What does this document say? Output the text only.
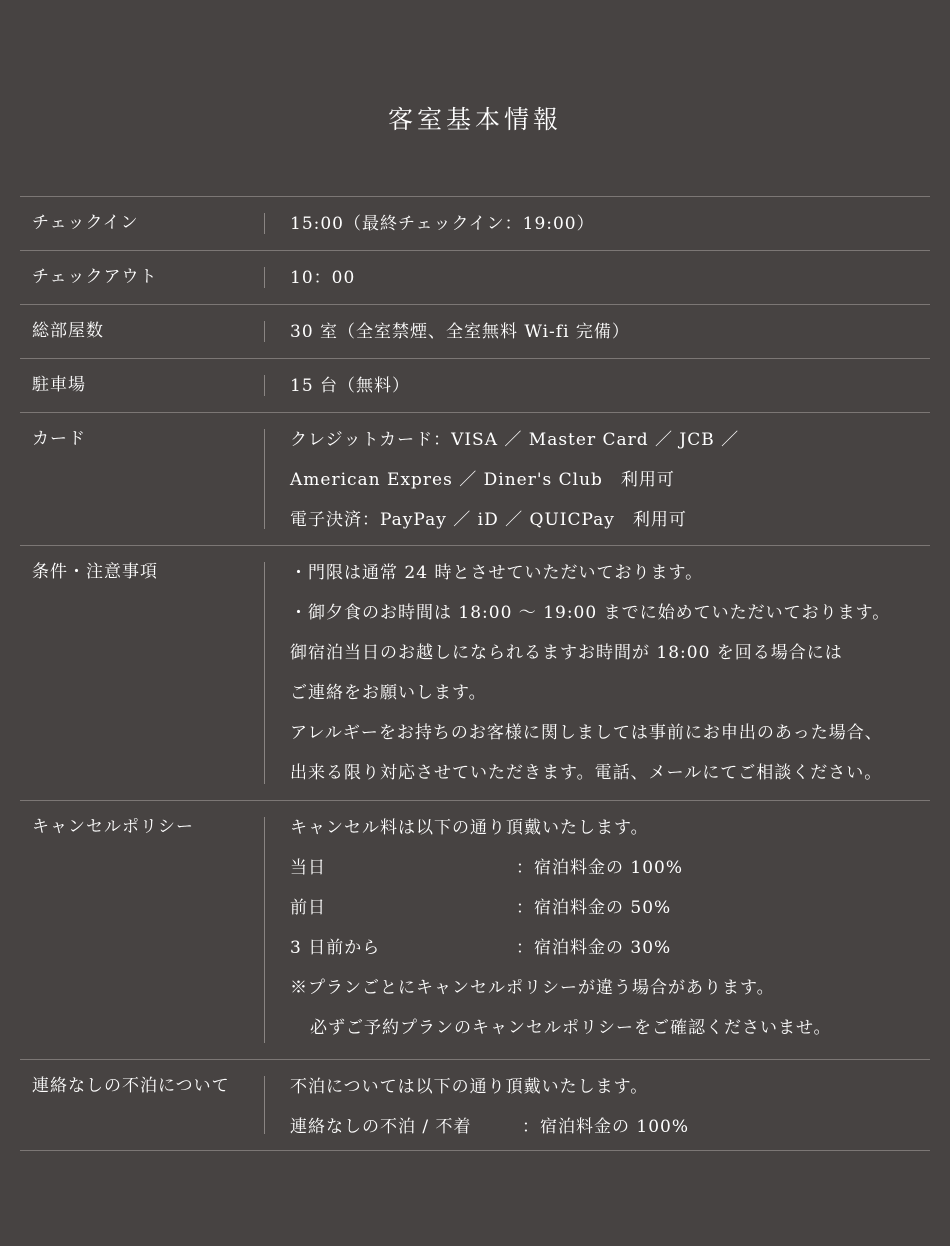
客室基本情報
チェックイン	15:00（最終チェックイン：19:00）
チェックアウト	10：00
総部屋数	30 室（全室禁煙、全室無料 Wi-fi 完備）
駐車場	15 台（無料）
カード	クレジットカード：VISA ／ Master Card ／ JCB ／
American Expres ／ Diner's Club　利用可
電子決済：PayPay ／ iD ／ QUICPay　利用可
条件・注意事項	・門限は通常 24 時とさせていただいております。
・御夕食のお時間は 18:00 ～ 19:00 までに始めていただいております。
御宿泊当日のお越しになられるますお時間が 18:00 を回る場合には
ご連絡をお願いします。
アレルギーをお持ちのお客様に関しましては事前にお申出のあった場合、
出来る限り対応させていただきます。電話、メールにてご相談ください。
キャンセルポリシー	キャンセル料は以下の通り頂戴いたします。
当日	：宿泊料金の 100%
前日	：宿泊料金の 50%
3 日前から	：宿泊料金の 30%
※プランごとにキャンセルポリシーが違う場合があります。
必ずご予約プランのキャンセルポリシーをご確認くださいませ。
連絡なしの不泊について	不泊については以下の通り頂戴いたします。
連絡なしの不泊 / 不着	：宿泊料金の 100%
